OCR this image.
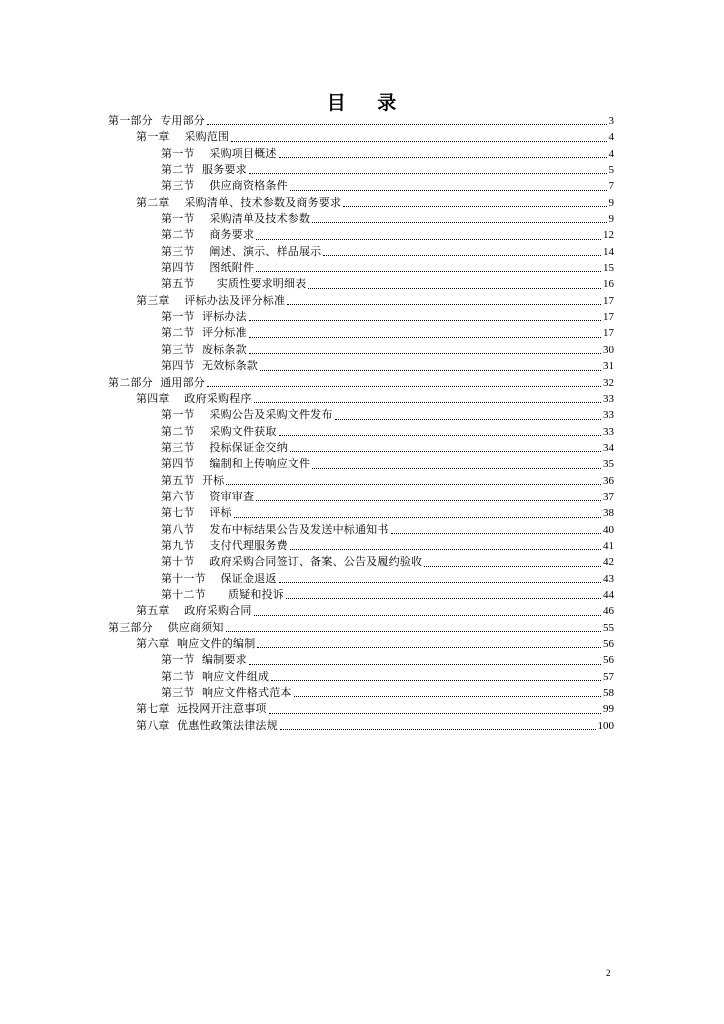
目    录
第一部分  专用部分	3
第一章    采购范围	4
第一节    采购项目概述	4
第二节  服务要求	5
第三节    供应商资格条件	7
第二章    采购清单、技术参数及商务要求	9
第一节    采购清单及技术参数	9
第二节    商务要求	12
第三节    阐述、演示、样品展示	14
第四节    图纸附件	15
第五节      实质性要求明细表	16
第三章    评标办法及评分标准	17
第一节  评标办法	17
第二节  评分标准	17
第三节  废标条款	30
第四节  无效标条款	31
第二部分  通用部分	32
第四章    政府采购程序	33
第一节    采购公告及采购文件发布	33
第二节    采购文件获取	33
第三节    投标保证金交纳	34
第四节    编制和上传响应文件	35
第五节  开标	36
第六节    资审审查	37
第七节    评标	38
第八节    发布中标结果公告及发送中标通知书	40
第九节    支付代理服务费	41
第十节    政府采购合同签订、备案、公告及履约验收	42
第十一节    保证金退返	43
第十二节      质疑和投诉	44
第五章    政府采购合同	46
第三部分    供应商须知	55
第六章  响应文件的编制	56
第一节  编制要求	56
第二节  响应文件组成	57
第三节  响应文件格式范本	58
第七章  远投网开注意事项	99
第八章  优惠性政策法律法规	100
2
